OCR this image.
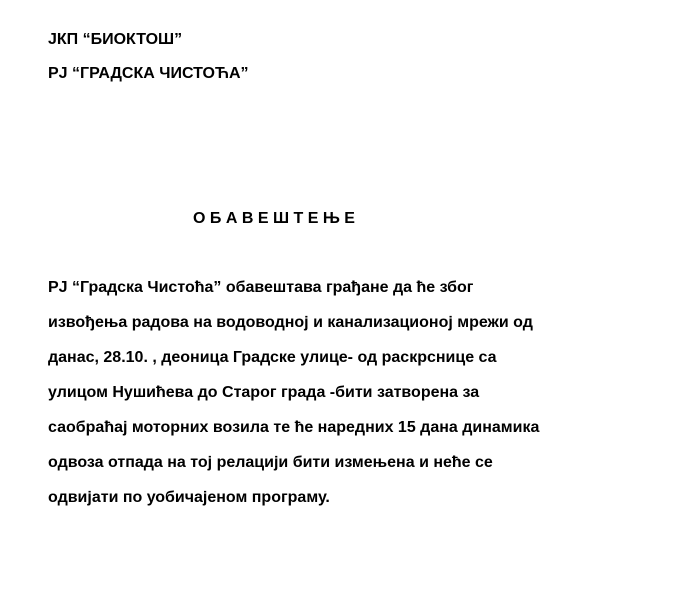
ЈКП “БИОКТОШ”
РЈ “ГРАДСКА ЧИСТОЋА”
О Б А В Е Ш Т Е Њ Е
РЈ “Градска Чистоћа” обавештава грађане да ће због
извођења радова на водоводној и канализационој мрежи од
данас, 28.10. , деоница Градске улице- од раскрснице са
улицом Нушићева до Старог града -бити затворена за
саобраћај моторних возила те ће наредних 15 дана динамика
одвоза отпада на тој релацији бити измењена и неће се
одвијати по уобичајеном програму.
